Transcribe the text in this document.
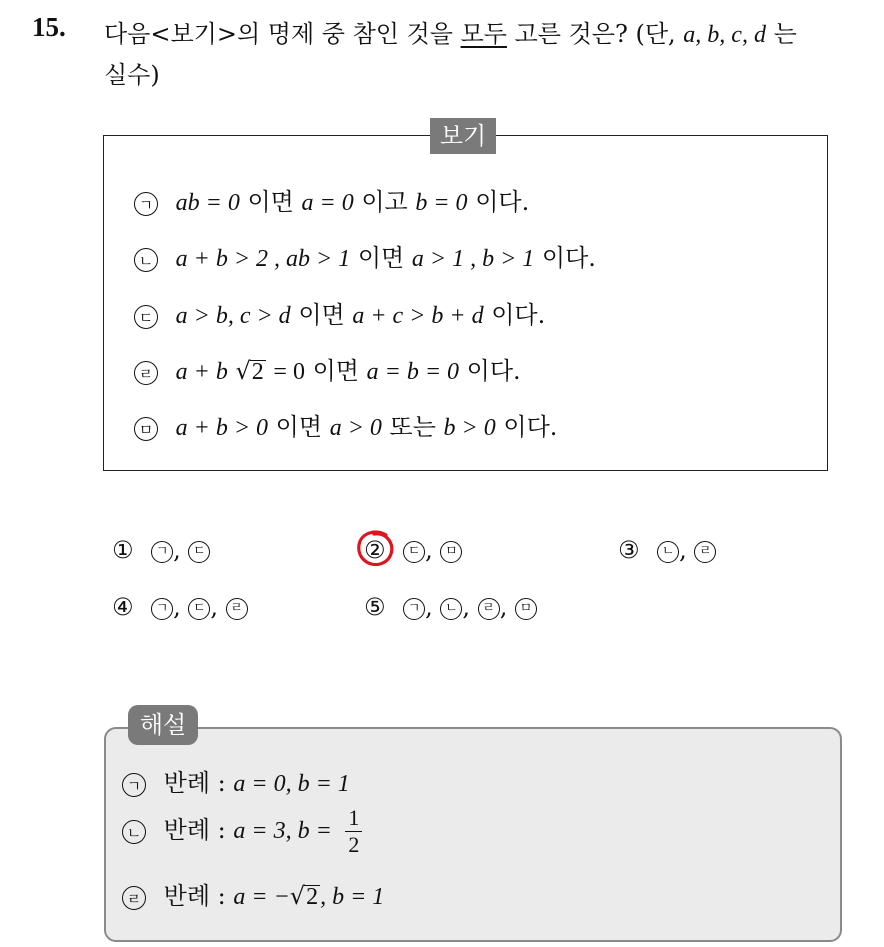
15. 다음<보기>의 명제 중 참인 것을 모두 고른 것은? (단, a, b, c, d 는
실수)
보기
ㄱ ab = 0 이면 a = 0 이고 b = 0 이다.
ㄴ a + b > 2 , ab > 1 이면 a > 1 , b > 1 이다.
ㄷ a > b, c > d 이면 a + c > b + d 이다.
ㄹ a + b √2 = 0 이면 a = b = 0 이다.
ㅁ a + b > 0 이면 a > 0 또는 b > 0 이다.
① ㄱ , ㄷ	② ㄷ , ㅁ	③ ㄴ , ㄹ
④ ㄱ , ㄷ , ㄹ	⑤ ㄱ , ㄴ , ㄹ , ㅁ
해설
ㄱ 반례 : a = 0, b = 1
ㄴ 반례 : a = 3, $b = \frac{1}{2}$
ㄹ 반례 : a = −√2, b = 1
